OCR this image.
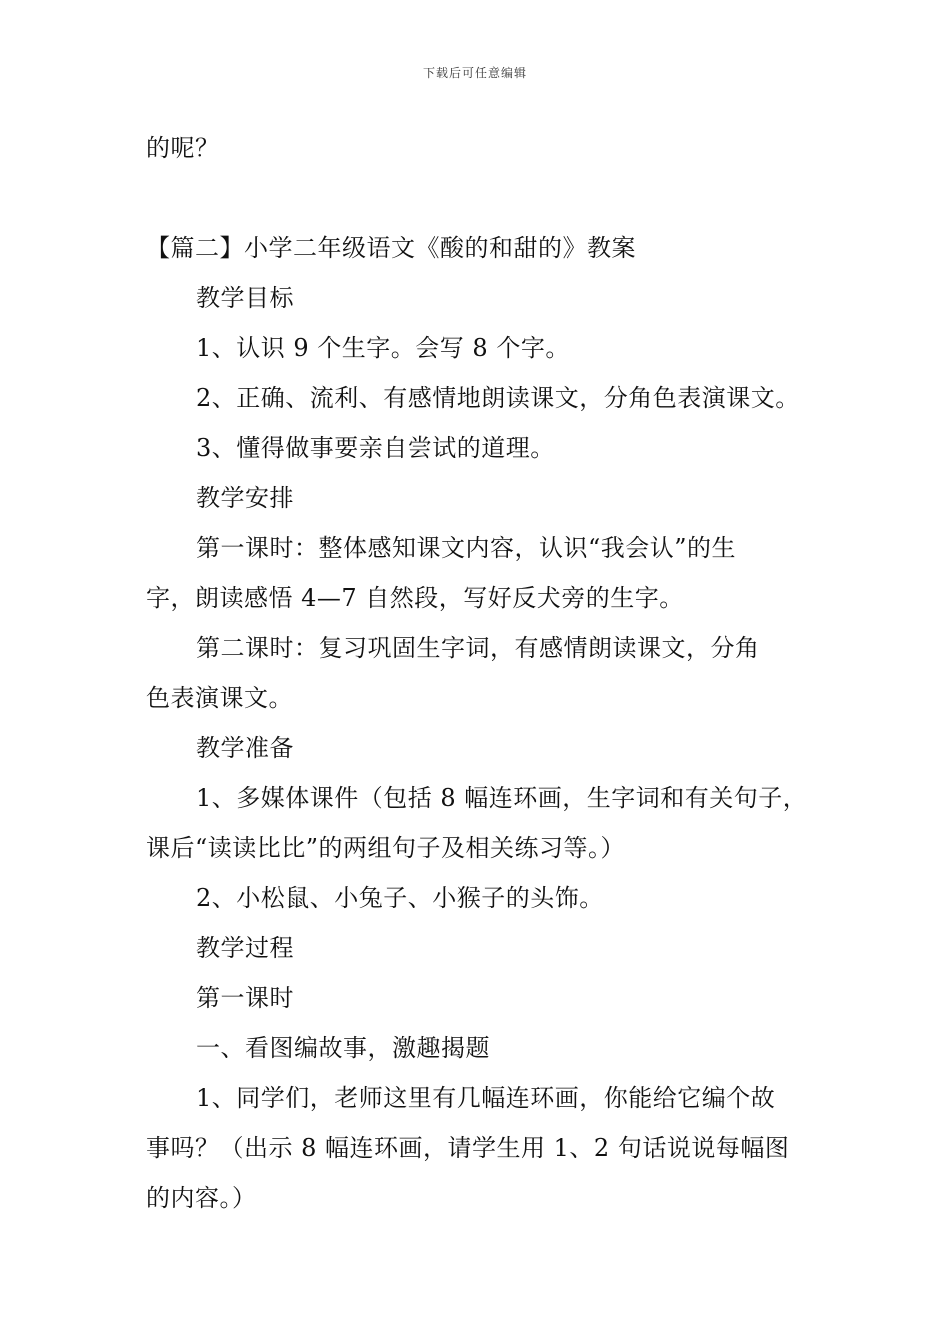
下载后可任意编辑
的呢？
【篇二】小学二年级语文《酸的和甜的》教案
教学目标
1、认识 9 个生字。会写 8 个字。
2、正确、流利、有感情地朗读课文，分角色表演课文。
3、懂得做事要亲自尝试的道理。
教学安排
第一课时：整体感知课文内容，认识“我会认”的生
字，朗读感悟 4—7 自然段，写好反犬旁的生字。
第二课时：复习巩固生字词，有感情朗读课文，分角
色表演课文。
教学准备
1、多媒体课件（包括 8 幅连环画，生字词和有关句子，
课后“读读比比”的两组句子及相关练习等。）
2、小松鼠、小兔子、小猴子的头饰。
教学过程
第一课时
一、看图编故事，激趣揭题
1、同学们，老师这里有几幅连环画，你能给它编个故
事吗？（出示 8 幅连环画，请学生用 1、2 句话说说每幅图
的内容。）
